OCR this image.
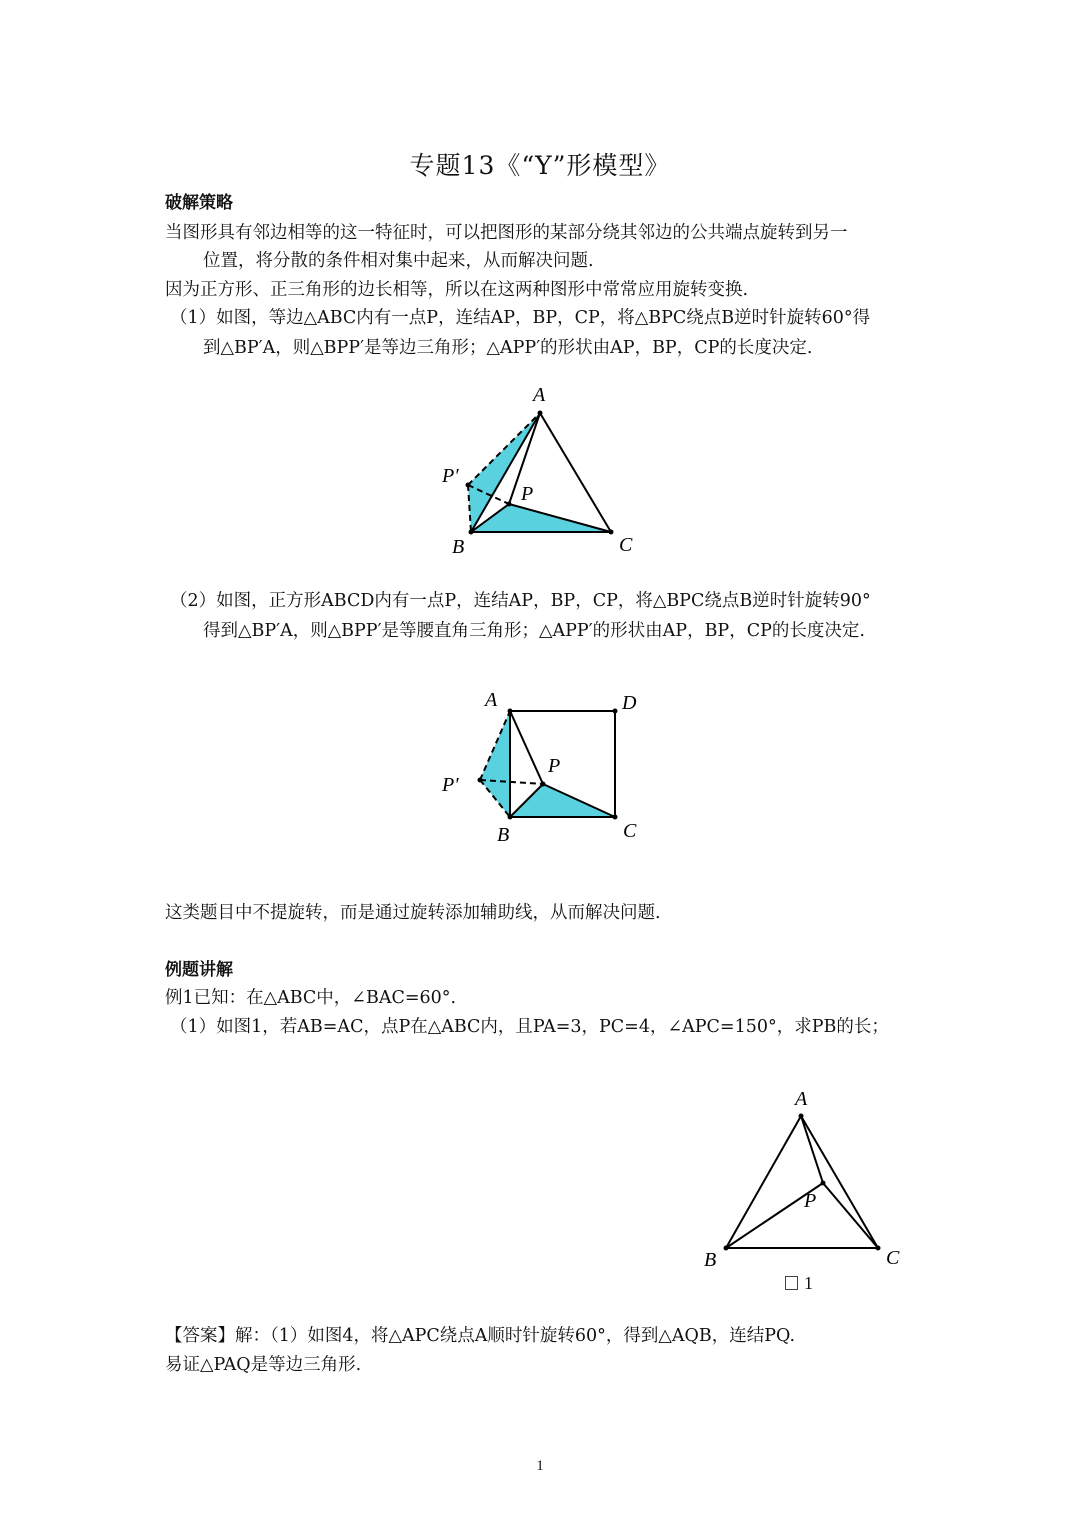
专题13《“Y”形模型》
破解策略
当图形具有邻边相等的这一特征时，可以把图形的某部分绕其邻边的公共端点旋转到另一
位置，将分散的条件相对集中起来，从而解决问题.
因为正方形、正三角形的边长相等，所以在这两种图形中常常应用旋转变换.
（1）如图，等边△ABC内有一点P，连结AP，BP，CP，将△BPC绕点B逆时针旋转60°得
到△BP′A，则△BPP′是等边三角形；△APP′的形状由AP，BP，CP的长度决定.
A
B	C
P
P′
（2）如图，正方形ABCD内有一点P，连结AP，BP，CP，将△BPC绕点B逆时针旋转90°
得到△BP′A，则△BPP′是等腰直角三角形；△APP′的形状由AP，BP，CP的长度决定.
A	D
B	C
P
P′
这类题目中不提旋转，而是通过旋转添加辅助线，从而解决问题.
例题讲解
例1已知：在△ABC中，∠BAC=60°.
（1）如图1，若AB=AC，点P在△ABC内，且PA=3，PC=4，∠APC=150°，求PB的长；
A
B	C
P
1
【答案】解：（1）如图4，将△APC绕点A顺时针旋转60°，得到△AQB，连结PQ.
易证△PAQ是等边三角形.
1
